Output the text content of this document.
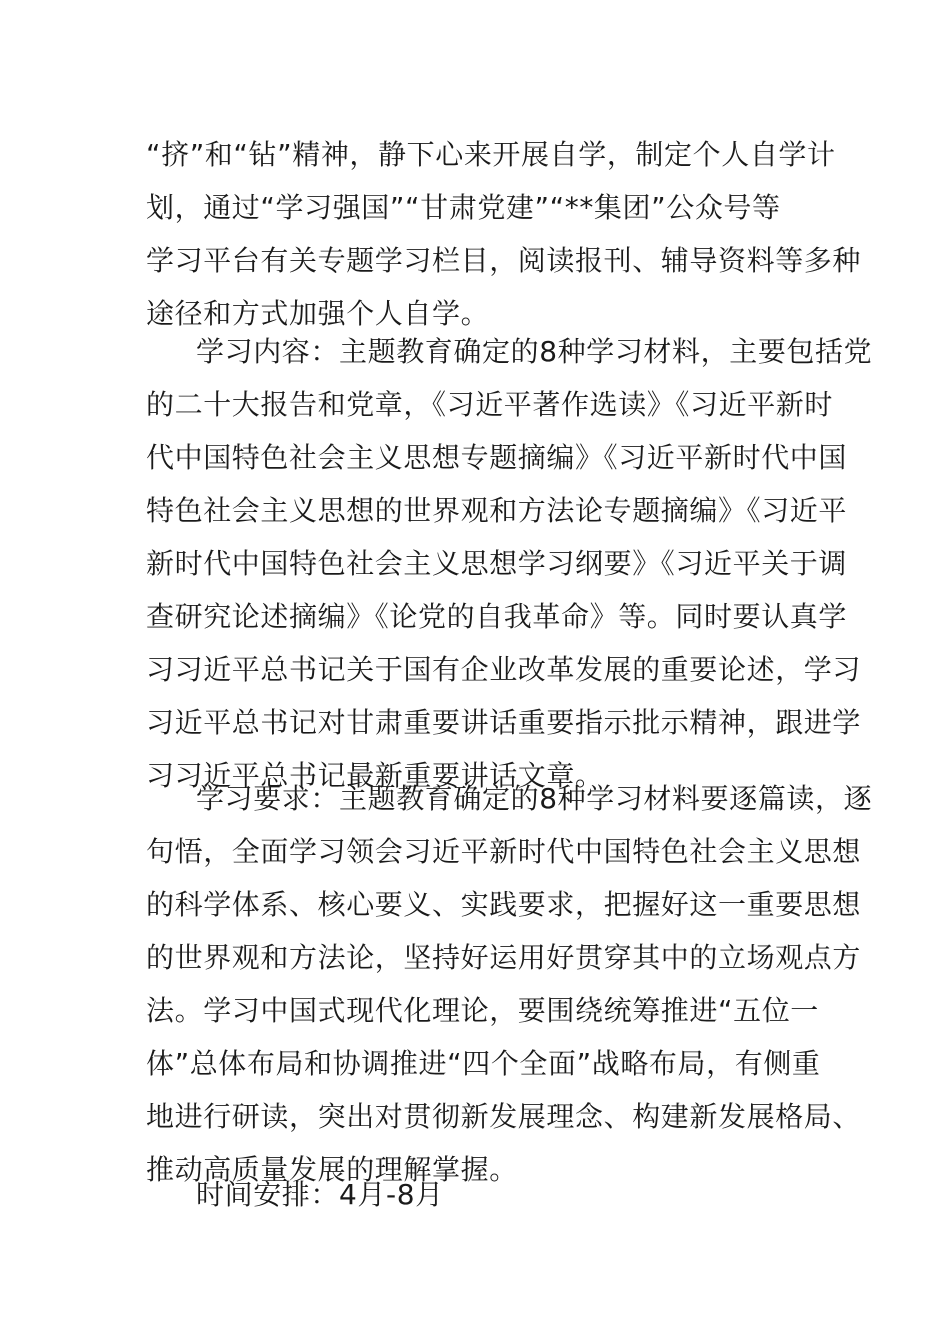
“挤”和“钻”精神，静下心来开展自学，制定个人自学计
划，通过“学习强国”“甘肃党建”“**集团”公众号等
学习平台有关专题学习栏目，阅读报刊、辅导资料等多种
途径和方式加强个人自学。
学习内容：主题教育确定的8种学习材料，主要包括党
的二十大报告和党章，《习近平著作选读》《习近平新时
代中国特色社会主义思想专题摘编》《习近平新时代中国
特色社会主义思想的世界观和方法论专题摘编》《习近平
新时代中国特色社会主义思想学习纲要》《习近平关于调
查研究论述摘编》《论党的自我革命》等。同时要认真学
习习近平总书记关于国有企业改革发展的重要论述，学习
习近平总书记对甘肃重要讲话重要指示批示精神，跟进学
习习近平总书记最新重要讲话文章。
学习要求：主题教育确定的8种学习材料要逐篇读，逐
句悟，全面学习领会习近平新时代中国特色社会主义思想
的科学体系、核心要义、实践要求，把握好这一重要思想
的世界观和方法论，坚持好运用好贯穿其中的立场观点方
法。学习中国式现代化理论，要围绕统筹推进“五位一
体”总体布局和协调推进“四个全面”战略布局，有侧重
地进行研读，突出对贯彻新发展理念、构建新发展格局、
推动高质量发展的理解掌握。
时间安排：4月-8月
